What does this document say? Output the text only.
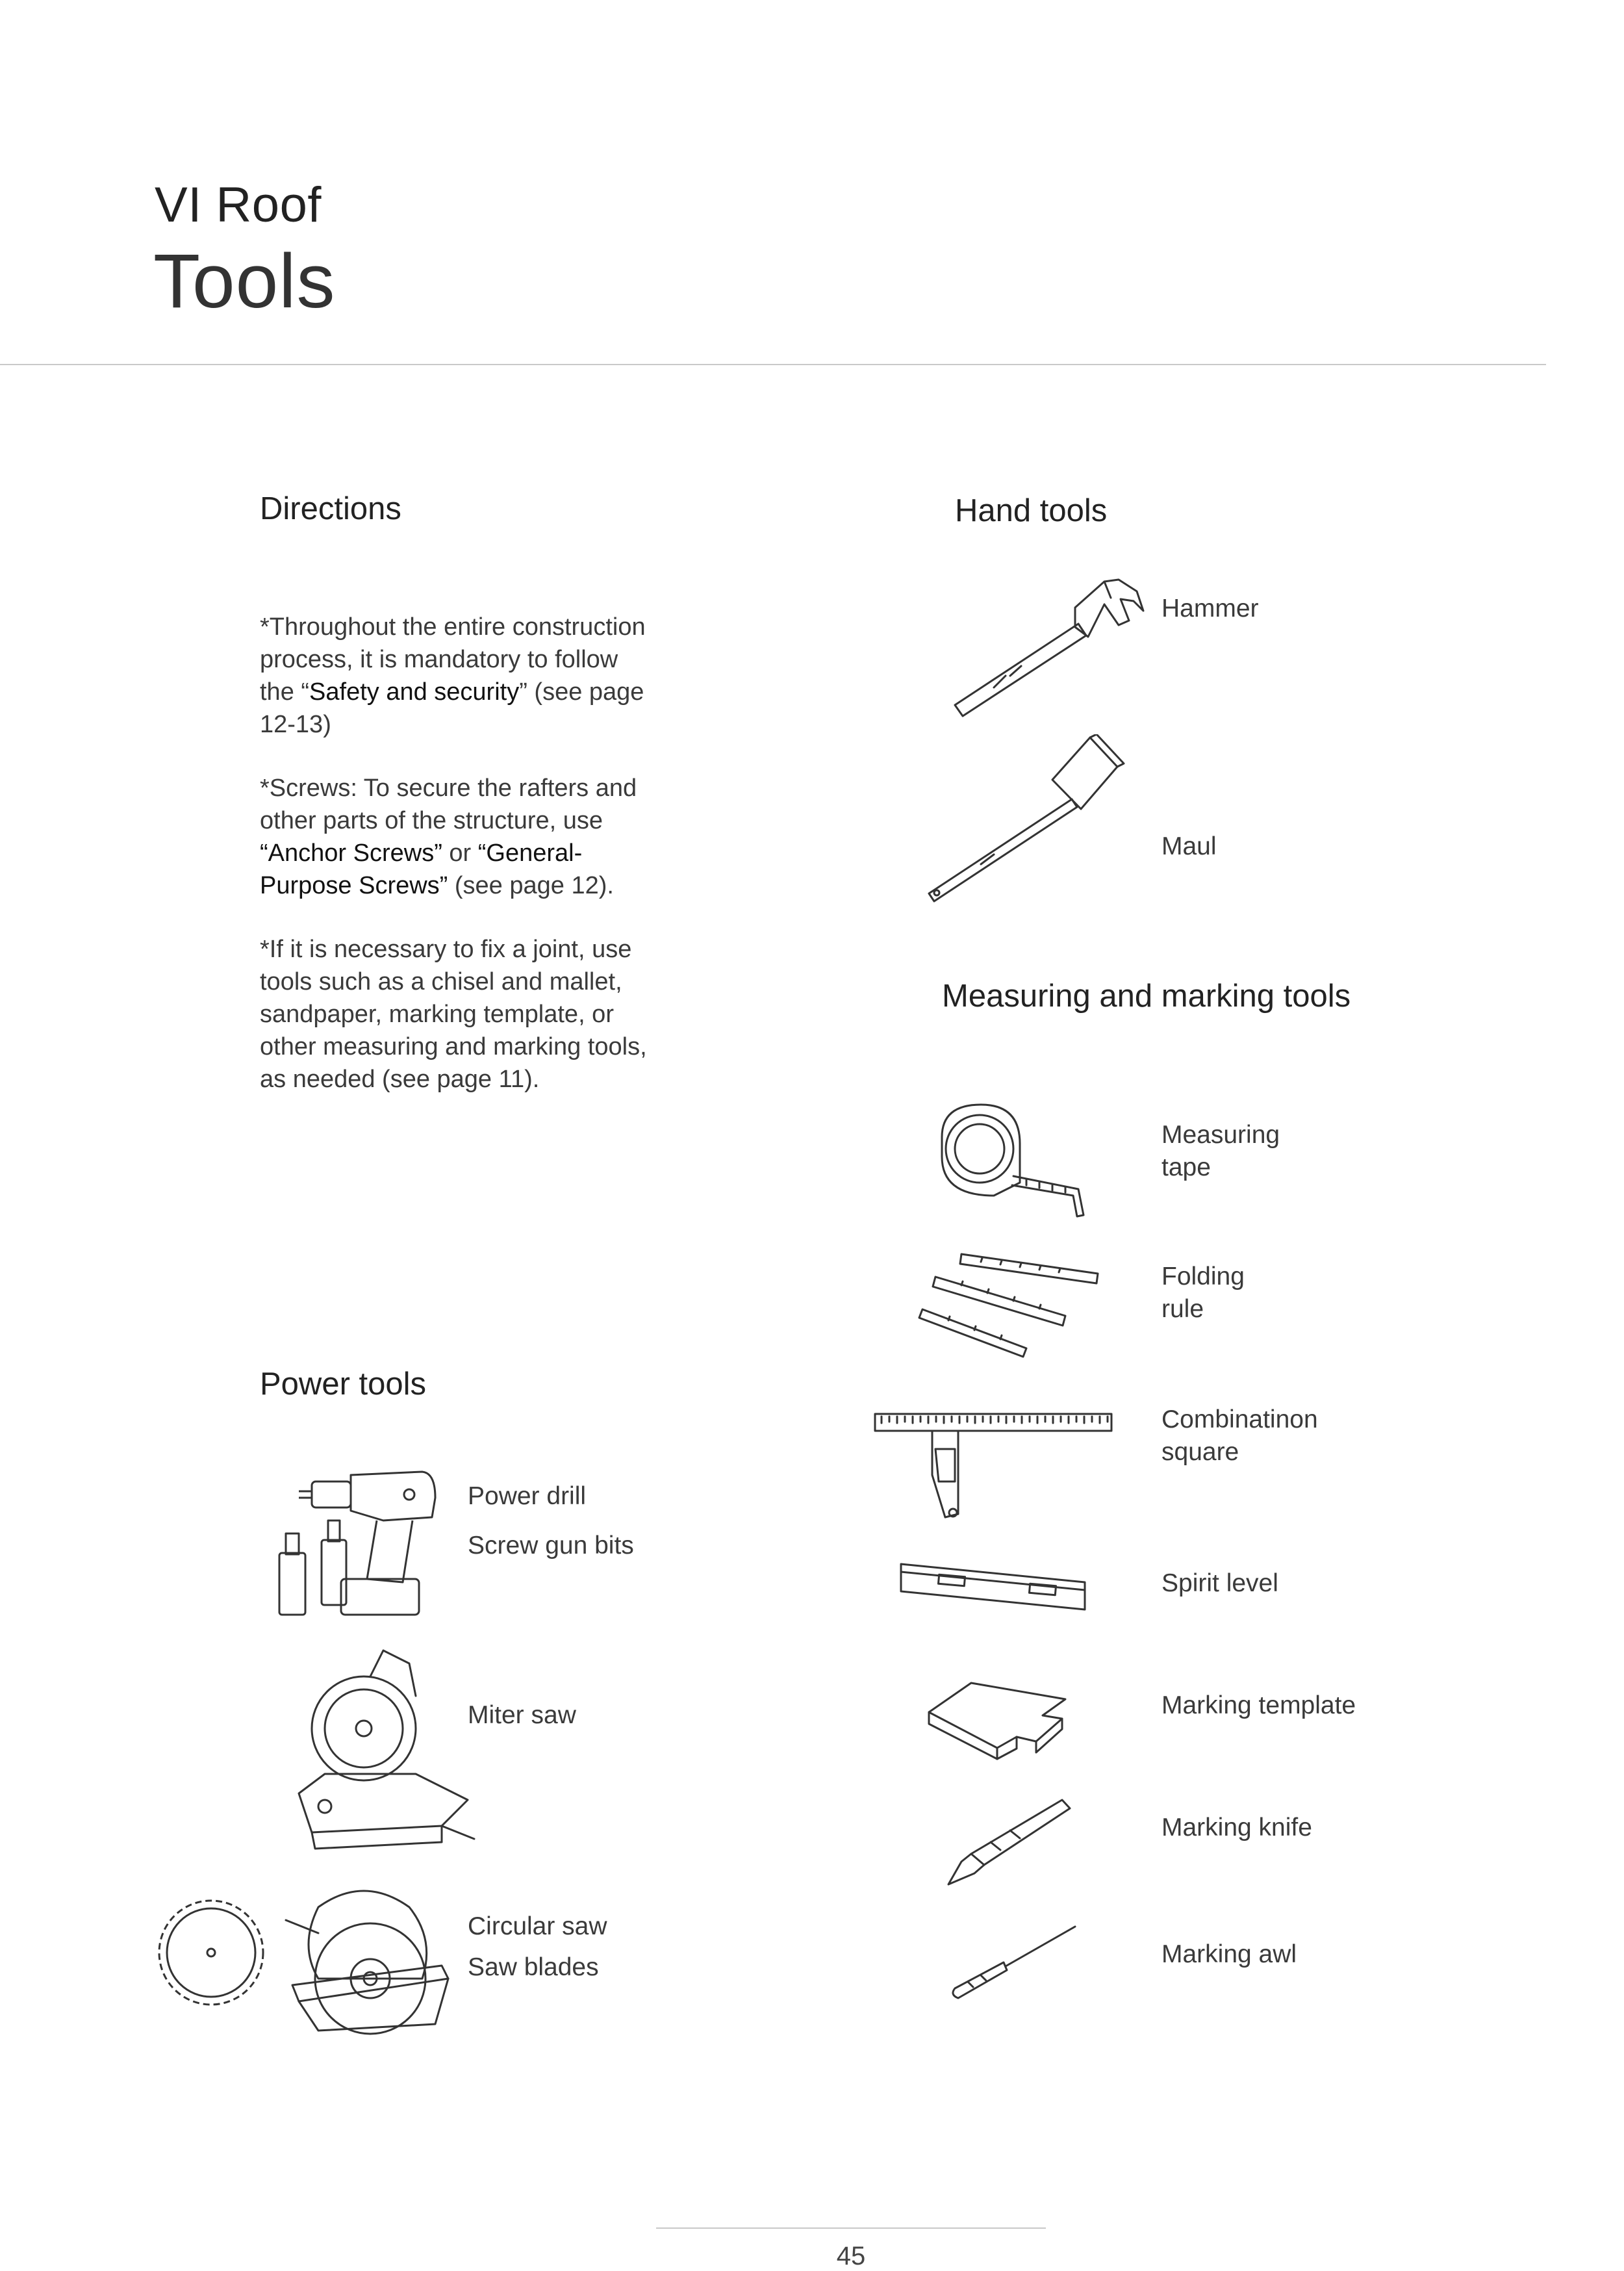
VI Roof
Tools
Directions

*Throughout the entire construction process, it is mandatory to follow the “Safety and security” (see page 12-13)

*Screws: To secure the rafters and other parts of the structure, use “Anchor Screws” or “General-Purpose Screws” (see page 12).

*If it is necessary to fix a joint, use tools such as a chisel and mallet, sandpaper, marking template, or other measuring and marking tools, as needed (see page 11).

Hand tools
Hammer
Maul
Measuring and marking tools
Measuring
tape
Folding
rule
Combinatinon
square
Spirit level
Marking template
Marking knife
Marking awl
Power tools
Power drill
Screw gun bits
Miter saw
Circular saw
Saw blades
45
